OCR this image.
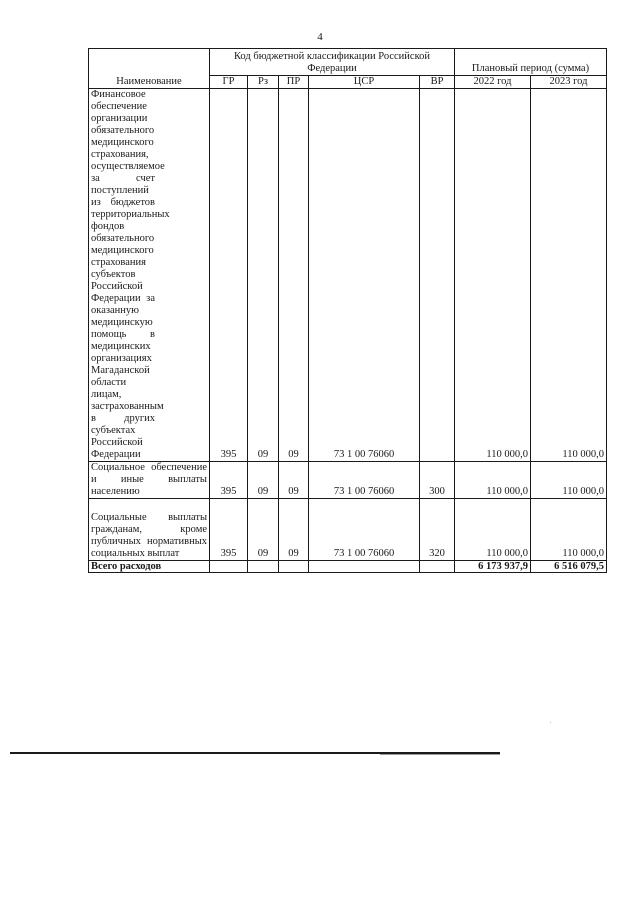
4
Наименование	Код бюджетной классификации Российской Федерации					Плановый период (сумма)	
	ГР	Рз	ПР	ЦСР	ВР	2022 год	2023 год

Финансовое обеспечение организации обязательного медицинского страхования, осуществляемое за счет поступлений из бюджетов территориальных фондов обязательного медицинского страхования субъектов Российской Федерации за оказанную медицинскую помощь в медицинских организациях Магаданской области лицам, застрахованным в других субъектах Российской Федерации	395	09	09	73 1 00 76060		110 000,0	110 000,0

Социальное обеспечение и иные выплаты населению	395	09	09	73 1 00 76060	300	110 000,0	110 000,0

Социальные выплаты гражданам, кроме публичных нормативных социальных выплат	395	09	09	73 1 00 76060	320	110 000,0	110 000,0
Всего расходов						6 173 937,9	6 516 079,5
